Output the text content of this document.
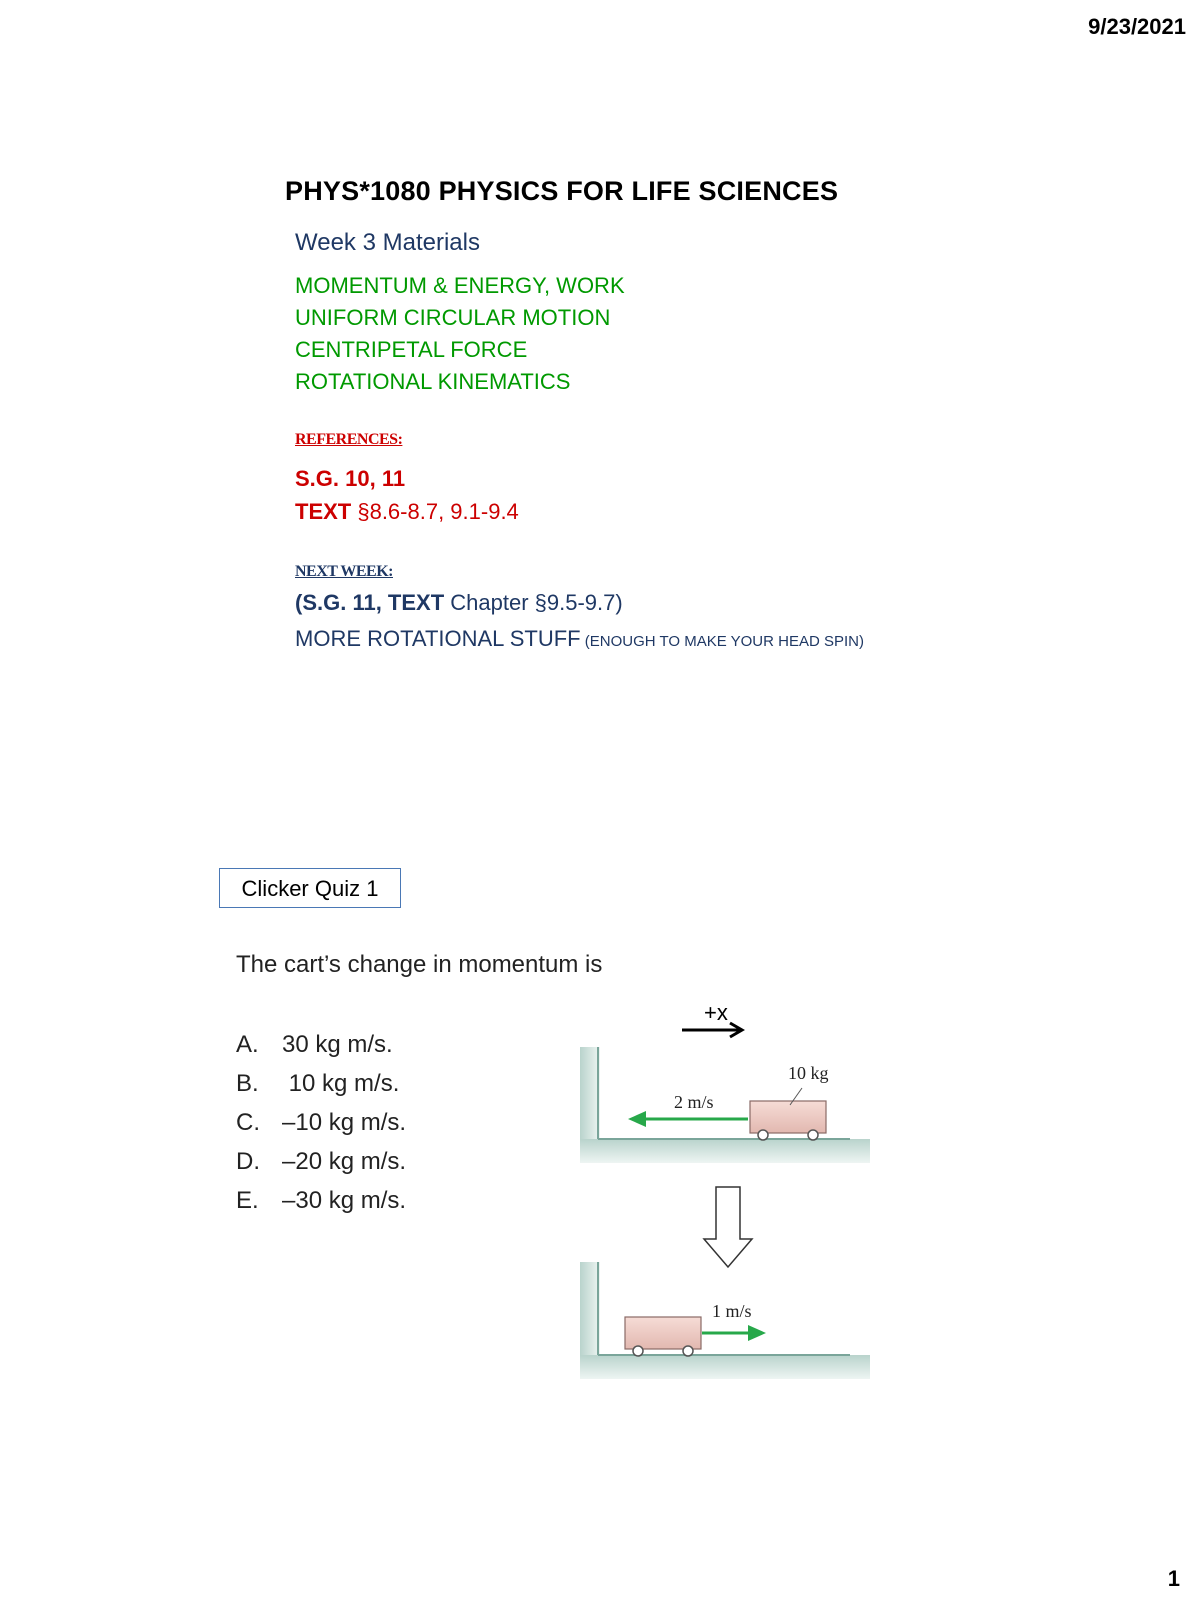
9/23/2021
PHYS*1080 PHYSICS FOR LIFE SCIENCES
Week 3 Materials
MOMENTUM & ENERGY, WORK
UNIFORM CIRCULAR MOTION
CENTRIPETAL FORCE
ROTATIONAL KINEMATICS
REFERENCES:
S.G. 10, 11
TEXT §8.6-8.7, 9.1-9.4
NEXT WEEK:
(S.G. 11, TEXT Chapter §9.5-9.7)
MORE ROTATIONAL STUFF (ENOUGH TO MAKE YOUR HEAD SPIN)
Clicker Quiz 1
The cart’s change in momentum is
A. 30 kg m/s.
B. 10 kg m/s.
C. –10 kg m/s.
D. –20 kg m/s.
E. –30 kg m/s.
+x
10 kg
2 m/s
1 m/s
1
